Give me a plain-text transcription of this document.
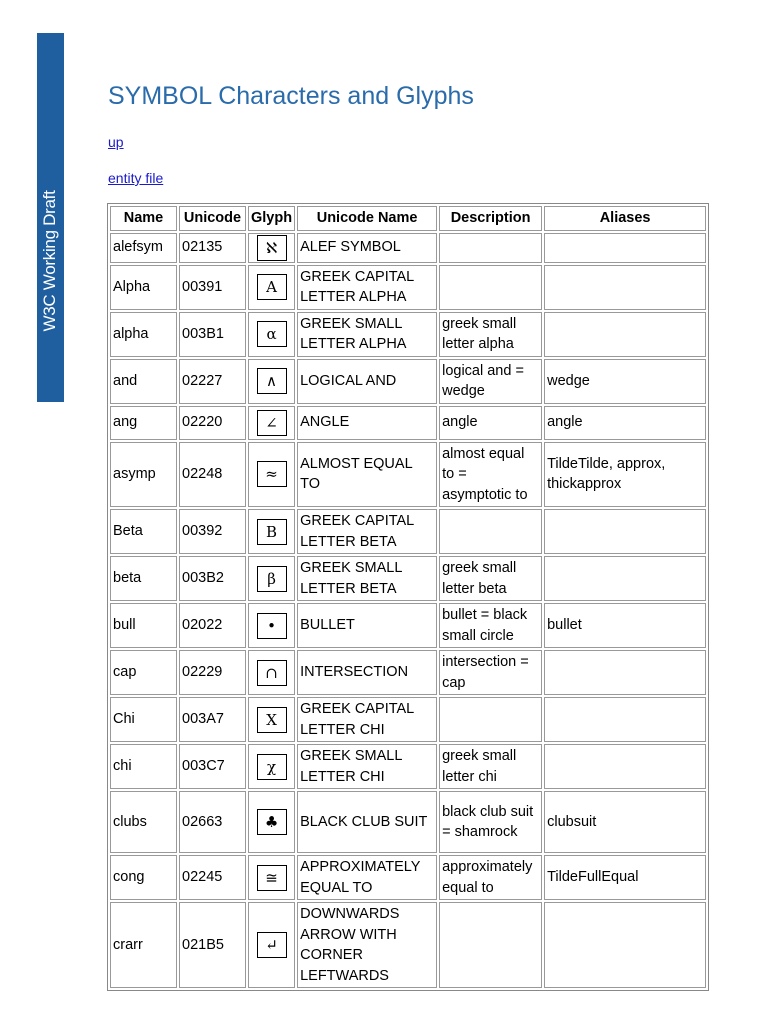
W3C Working Draft
SYMBOL Characters and Glyphs
up
entity file
Name	Unicode	Glyph	Unicode Name	Description	Aliases
alefsym	02135	ℵ	ALEF SYMBOL		
Alpha	00391	Α	GREEK CAPITAL LETTER ALPHA		
alpha	003B1	α	GREEK SMALL LETTER ALPHA	greek small letter alpha	
and	02227	∧	LOGICAL AND	logical and = wedge	wedge
ang	02220	∠	ANGLE	angle	angle
asymp	02248	≈	ALMOST EQUAL TO	almost equal to = asymptotic to	TildeTilde, approx, thickapprox
Beta	00392	Β	GREEK CAPITAL LETTER BETA		
beta	003B2	β	GREEK SMALL LETTER BETA	greek small letter beta	
bull	02022	•	BULLET	bullet = black small circle	bullet
cap	02229	∩	INTERSECTION	intersection = cap	
Chi	003A7	Χ	GREEK CAPITAL LETTER CHI		
chi	003C7	χ	GREEK SMALL LETTER CHI	greek small letter chi	
clubs	02663	♣	BLACK CLUB SUIT	black club suit = shamrock	clubsuit
cong	02245	≅	APPROXIMATELY EQUAL TO	approximately equal to	TildeFullEqual
crarr	021B5	↵	DOWNWARDS ARROW WITH CORNER LEFTWARDS		
